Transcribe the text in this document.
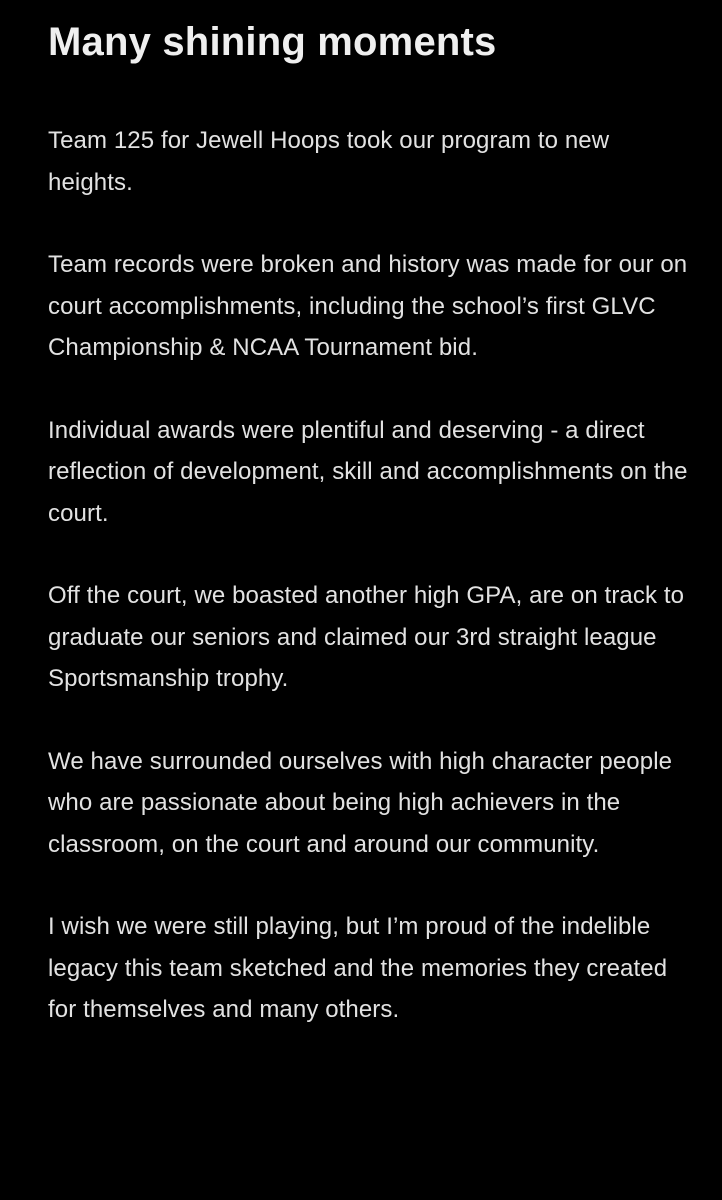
Many shining moments

Team 125 for Jewell Hoops took our program to new heights.

Team records were broken and history was made for our on court accomplishments, including the school’s first GLVC Championship & NCAA Tournament bid.

Individual awards were plentiful and deserving - a direct reflection of development, skill and accomplishments on the court.

Off the court, we boasted another high GPA, are on track to graduate our seniors and claimed our 3rd straight league Sportsmanship trophy.

We have surrounded ourselves with high character people who are passionate about being high achievers in the classroom, on the court and around our community.

I wish we were still playing, but I’m proud of the indelible legacy this team sketched and the memories they created for themselves and many others.
